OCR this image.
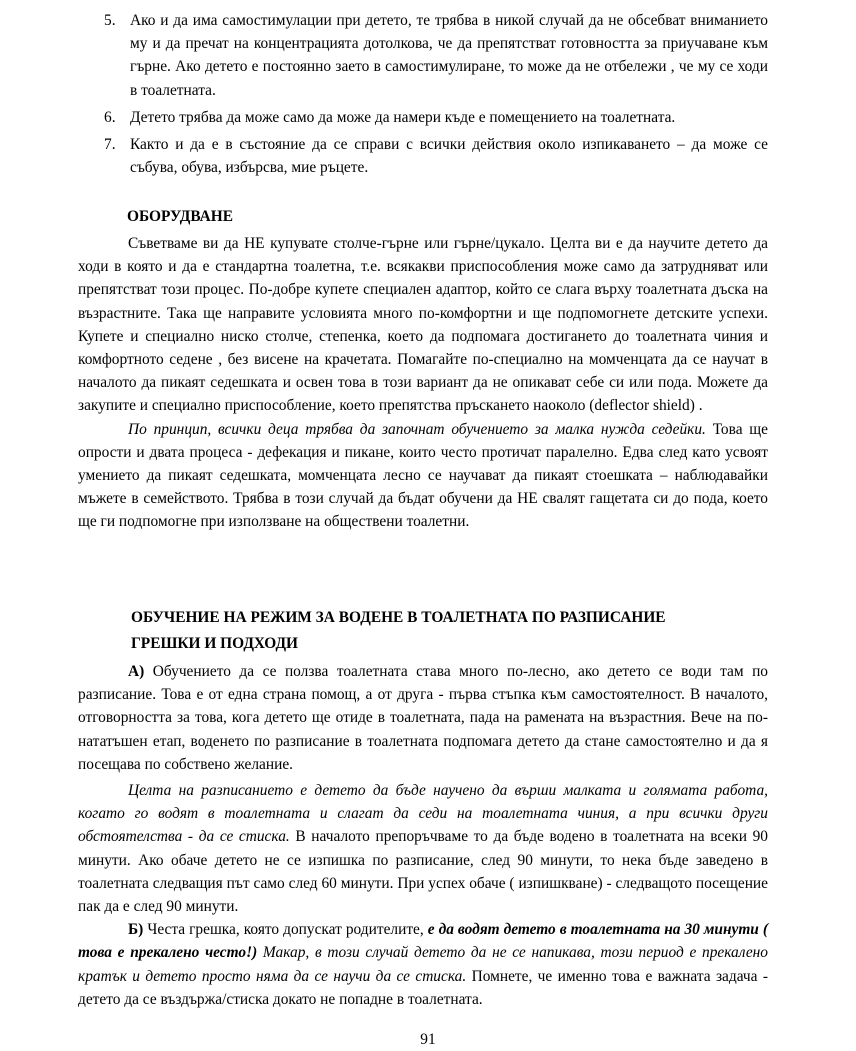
5. Ако и да има самостимулации при детето, те трябва в никой случай да не обсебват вниманието му и да пречат на концентрацията дотолкова, че да препятстват готовността за приучаване към гърне. Ако детето е постоянно заето в самостимулиране, то може да не отбележи , че му се ходи в тоалетната.
6. Детето трябва да може само да може да намери къде е помещението на тоалетната.
7. Както и да е в състояние да се справи с всички действия около изпикаването – да може се събува, обува, избърсва, мие ръцете.

ОБОРУДВАНЕ

Съветваме ви да НЕ купувате столче-гърне или гърне/цукало. Целта ви е да научите детето да ходи в която и да е стандартна тоалетна, т.е. всякакви приспособления може само да затрудняват или препятстват този процес. По-добре купете специален адаптор, който се слага върху тоалетната дъска на възрастните. Така ще направите условията много по-комфортни и ще подпомогнете детските успехи. Купете и специално ниско столче, степенка, което да подпомага достигането до тоалетната чиния и комфортното седене , без висене на крачетата. Помагайте по-специално на момченцата да се научат в началото да пикаят седешката и освен това в този вариант да не опикават себе си или пода. Можете да закупите и специално приспособление, което препятства пръскането наоколо (deflector shield) .

По принцип, всички деца трябва да започнат обучението за малка нужда седейки. Това ще опрости и двата процеса - дефекация и пикане, които често протичат паралелно. Едва след като усвоят умението да пикаят седешката, момченцата лесно се научават да пикаят стоешката – наблюдавайки мъжете в семейството. Трябва в този случай да бъдат обучени да НЕ свалят гащетата си до пода, което ще ги подпомогне при използване на обществени тоалетни.

ОБУЧЕНИЕ НА РЕЖИМ ЗА ВОДЕНЕ В ТОАЛЕТНАТА ПО РАЗПИСАНИЕ

ГРЕШКИ И ПОДХОДИ

А) Обучението да се ползва тоалетната става много по-лесно, ако детето се води там по разписание. Това е от една страна помощ, а от друга - първа стъпка към самостоятелност. В началото, отговорността за това, кога детето ще отиде в тоалетната, пада на рамената на възрастния. Вече на по-нататъшен етап, воденето по разписание в тоалетната подпомага детето да стане самостоятелно и да я посещава по собствено желание.

Целта на разписанието е детето да бъде научено да върши малката и голямата работа, когато го водят в тоалетната и слагат да седи на тоалетната чиния, а при всички други обстоятелства - да се стиска. В началото препоръчваме то да бъде водено в тоалетната на всеки 90 минути. Ако обаче детето не се изпишка по разписание, след 90 минути, то нека бъде заведено в тоалетната следващия път само след 60 минути. При успех обаче ( изпишкване) - следващото посещение пак да е след 90 минути.

Б) Честа грешка, която допускат родителите, е да водят детето в тоалетната на 30 минути ( това е прекалено често!) Макар, в този случай детето да не се напикава, този период е прекалено кратък и детето просто няма да се научи да се стиска. Помнете, че именно това е важната задача - детето да се въздържа/стиска докато не попадне в тоалетната.

91
